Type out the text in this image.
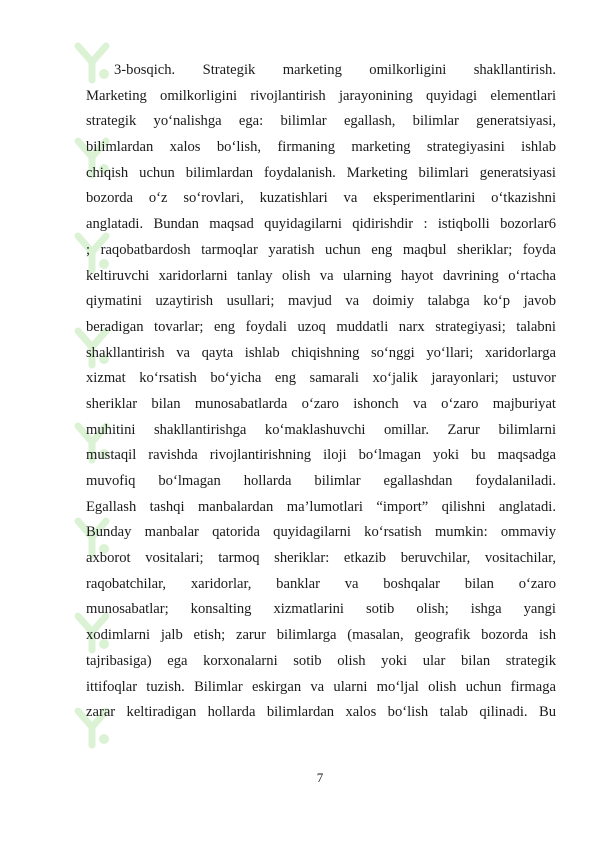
3-bosqich. Strategik marketing omilkorligini shakllantirish.
Marketing omilkorligini rivojlantirish jarayonining quyidagi elementlari
strategik yo‘nalishga ega: bilimlar egallash, bilimlar generatsiyasi,
bilimlardan xalos bo‘lish, firmaning marketing strategiyasini ishlab
chiqish uchun bilimlardan foydalanish. Marketing bilimlari generatsiyasi
bozorda o‘z so‘rovlari, kuzatishlari va eksperimentlarini o‘tkazishni
anglatadi. Bundan maqsad quyidagilarni qidirishdir : istiqbolli bozorlar6
; raqobatbardosh tarmoqlar yaratish uchun eng maqbul sheriklar; foyda
keltiruvchi xaridorlarni tanlay olish va ularning hayot davrining o‘rtacha
qiymatini uzaytirish usullari; mavjud va doimiy talabga ko‘p javob
beradigan tovarlar; eng foydali uzoq muddatli narx strategiyasi; talabni
shakllantirish va qayta ishlab chiqishning so‘nggi yo‘llari; xaridorlarga
xizmat ko‘rsatish bo‘yicha eng samarali xo‘jalik jarayonlari; ustuvor
sheriklar bilan munosabatlarda o‘zaro ishonch va o‘zaro majburiyat
muhitini shakllantirishga ko‘maklashuvchi omillar. Zarur bilimlarni
mustaqil ravishda rivojlantirishning iloji bo‘lmagan yoki bu maqsadga
muvofiq bo‘lmagan hollarda bilimlar egallashdan foydalaniladi.
Egallash tashqi manbalardan ma’lumotlari “import” qilishni anglatadi.
Bunday manbalar qatorida quyidagilarni ko‘rsatish mumkin: ommaviy
axborot vositalari; tarmoq sheriklar: etkazib beruvchilar, vositachilar,
raqobatchilar, xaridorlar, banklar va boshqalar bilan o‘zaro
munosabatlar; konsalting xizmatlarini sotib olish; ishga yangi
xodimlarni jalb etish; zarur bilimlarga (masalan, geografik bozorda ish
tajribasiga) ega korxonalarni sotib olish yoki ular bilan strategik
ittifoqlar tuzish. Bilimlar eskirgan va ularni mo‘ljal olish uchun firmaga
zarar keltiradigan hollarda bilimlardan xalos bo‘lish talab qilinadi. Bu
7
